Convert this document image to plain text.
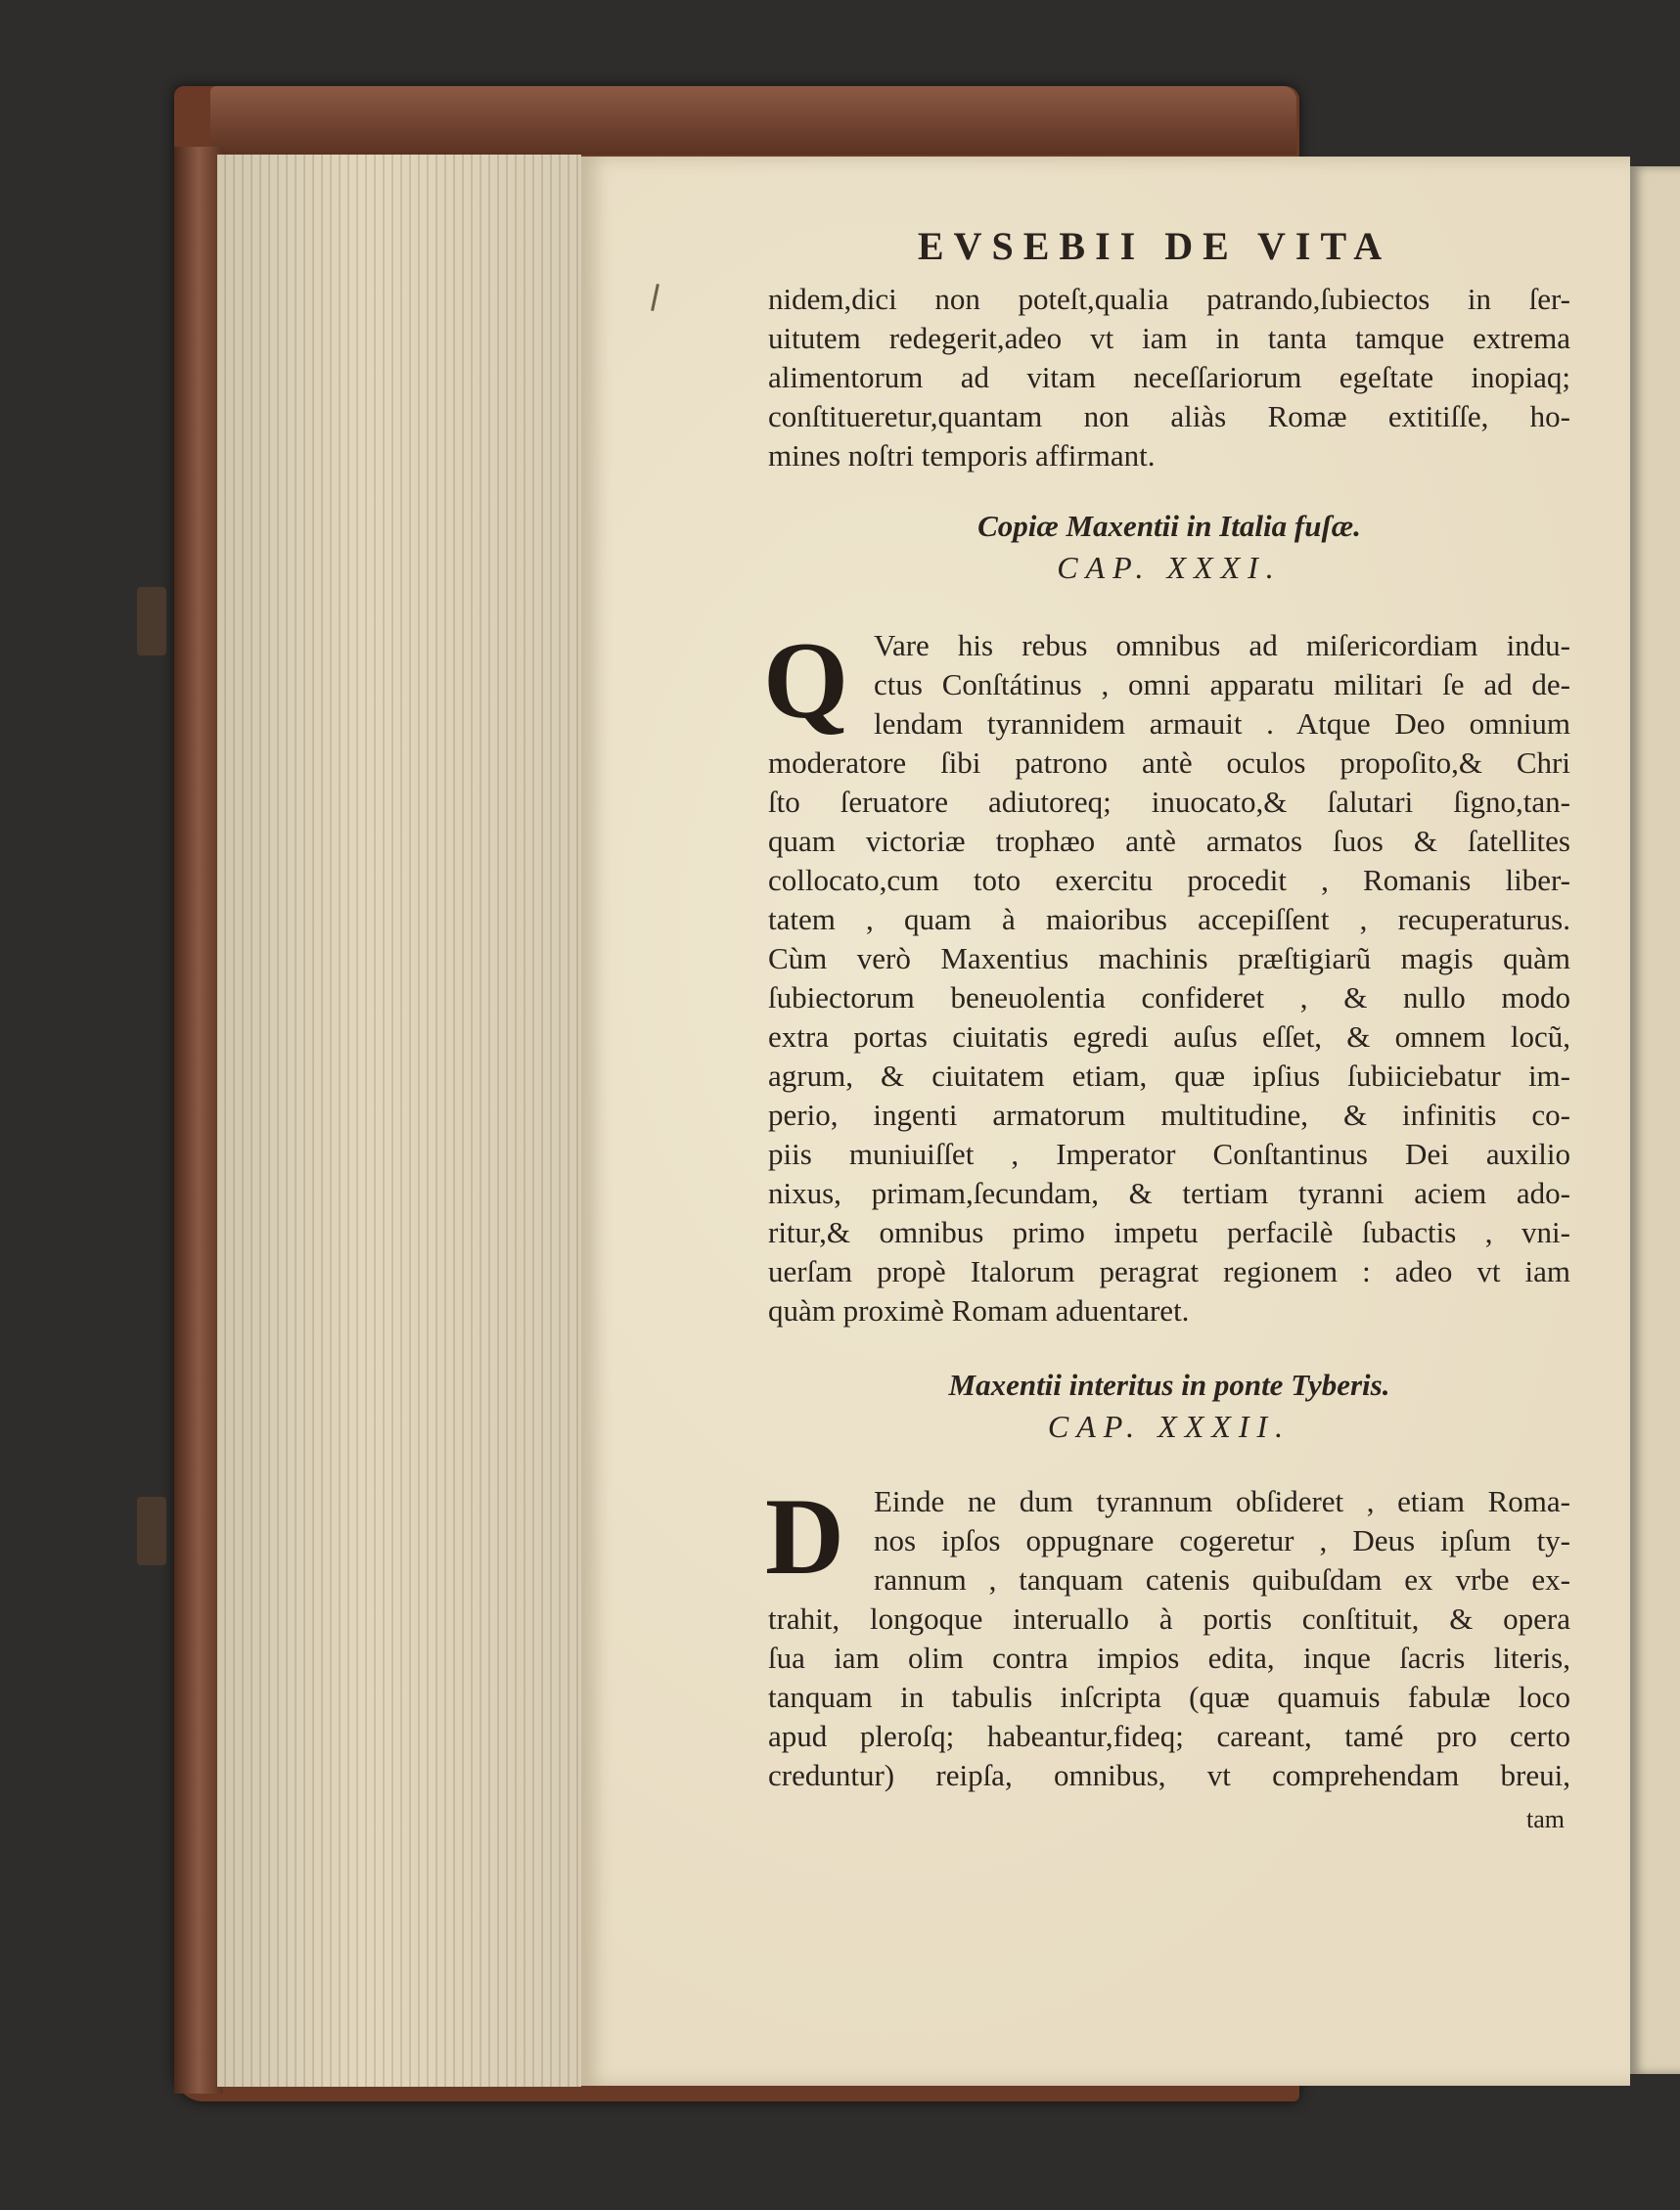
EVSEBII DE VITA
nidem,dici non poteſt,qualia patrando,ſubiectos in ſer-
uitutem redegerit,adeo vt iam in tanta tamque extrema
alimentorum ad vitam neceſſariorum egeſtate inopiaq;
conſtitueretur,quantam non aliàs Romæ extitiſſe, ho-
mines noſtri temporis affirmant.
Copiæ Maxentii in Italia fuſæ.
CAP. XXXI.
Q Vare his rebus omnibus ad miſericordiam indu-
ctus Conſtátinus , omni apparatu militari ſe ad de-
lendam tyrannidem armauit . Atque Deo omnium
moderatore ſibi patrono antè oculos propoſito,& Chri
ſto ſeruatore adiutoreq; inuocato,& ſalutari ſigno,tan-
quam victoriæ trophæo antè armatos ſuos & ſatellites
collocato,cum toto exercitu procedit , Romanis liber-
tatem , quam à maioribus accepiſſent , recuperaturus.
Cùm verò Maxentius machinis præſtigiarũ magis quàm
ſubiectorum beneuolentia confideret , & nullo modo
extra portas ciuitatis egredi auſus eſſet, & omnem locũ,
agrum, & ciuitatem etiam, quæ ipſius ſubiiciebatur im-
perio, ingenti armatorum multitudine, & infinitis co-
piis muniuiſſet , Imperator Conſtantinus Dei auxilio
nixus, primam,ſecundam, & tertiam tyranni aciem ado-
ritur,& omnibus primo impetu perfacilè ſubactis , vni-
uerſam propè Italorum peragrat regionem : adeo vt iam
quàm proximè Romam aduentaret.
Maxentii interitus in ponte Tyberis.
CAP. XXXII.
D Einde ne dum tyrannum obſideret , etiam Roma-
nos ipſos oppugnare cogeretur , Deus ipſum ty-
rannum , tanquam catenis quibuſdam ex vrbe ex-
trahit, longoque interuallo à portis conſtituit, & opera
ſua iam olim contra impios edita, inque ſacris literis,
tanquam in tabulis inſcripta (quæ quamuis fabulæ loco
apud pleroſq; habeantur,fideq; careant, tamé pro certo
creduntur) reipſa, omnibus, vt comprehendam breui,
tam
